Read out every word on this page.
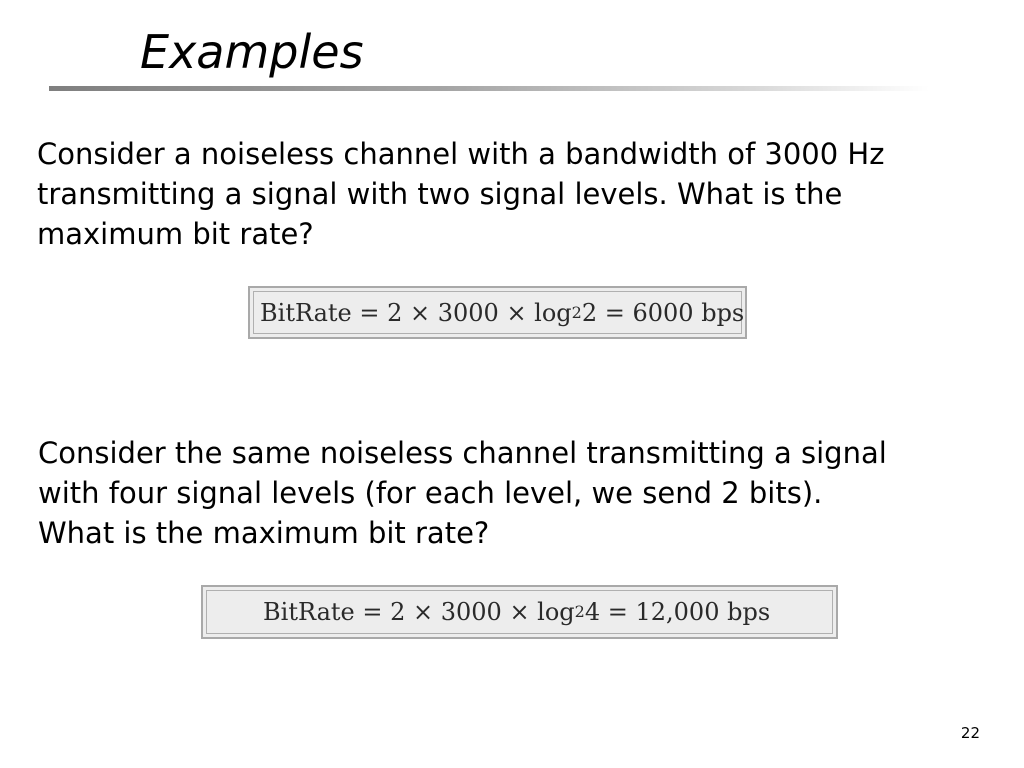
Examples
Consider a noiseless channel with a bandwidth of 3000 Hz
transmitting a signal with two signal levels. What is the
maximum bit rate?
BitRate = 2 × 3000 × log 2 2 = 6000 bps
Consider the same noiseless channel transmitting a signal
with four signal levels (for each level, we send 2 bits).
What is the maximum bit rate?
BitRate = 2 × 3000 × log 2 4 = 12,000 bps
22
